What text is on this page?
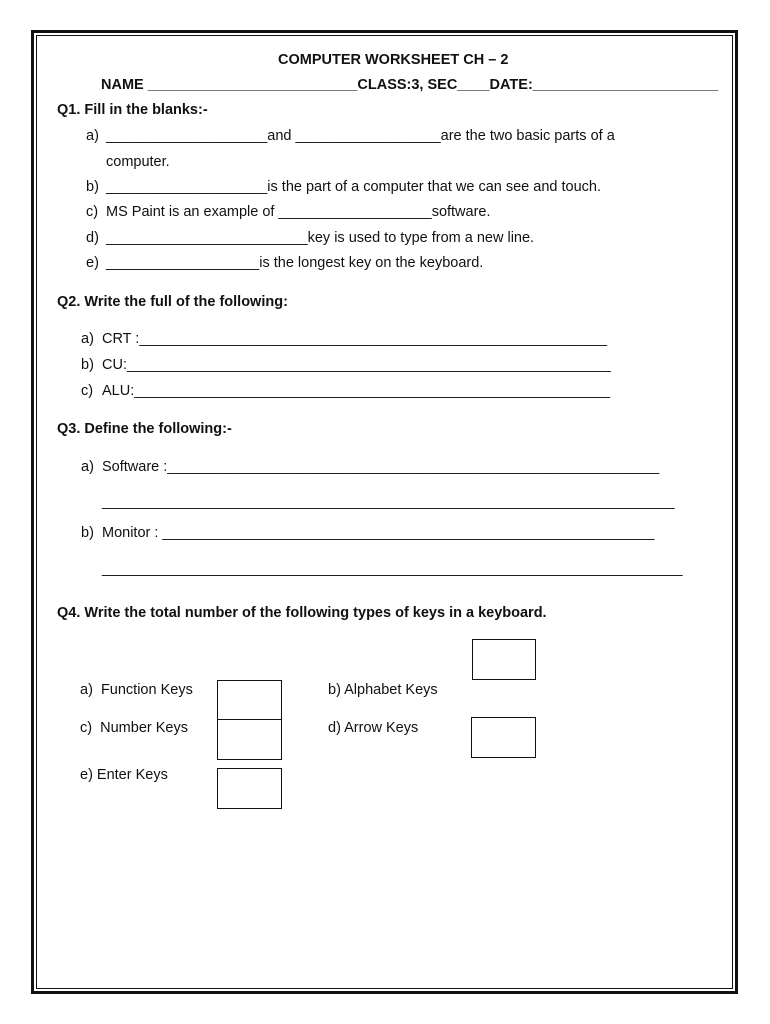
COMPUTER WORKSHEET CH – 2
NAME __________________________CLASS:3, SEC____DATE:_______________________
Q1. Fill in the blanks:-
a) ____________________and __________________are the two basic parts of a
computer.
b) ____________________is the part of a computer that we can see and touch.
c) MS Paint is an example of ___________________software.
d) _________________________key is used to type from a new line.
e) ___________________is the longest key on the keyboard.
Q2. Write the full of the following:
a) CRT :__________________________________________________________
b) CU:____________________________________________________________
c) ALU:___________________________________________________________
Q3. Define the following:-
a) Software :_____________________________________________________________
_______________________________________________________________________
b) Monitor : _____________________________________________________________
________________________________________________________________________
Q4. Write the total number of the following types of keys in a keyboard.
a)  Function Keys	b) Alphabet Keys
c)  Number Keys	d) Arrow Keys
e) Enter Keys
